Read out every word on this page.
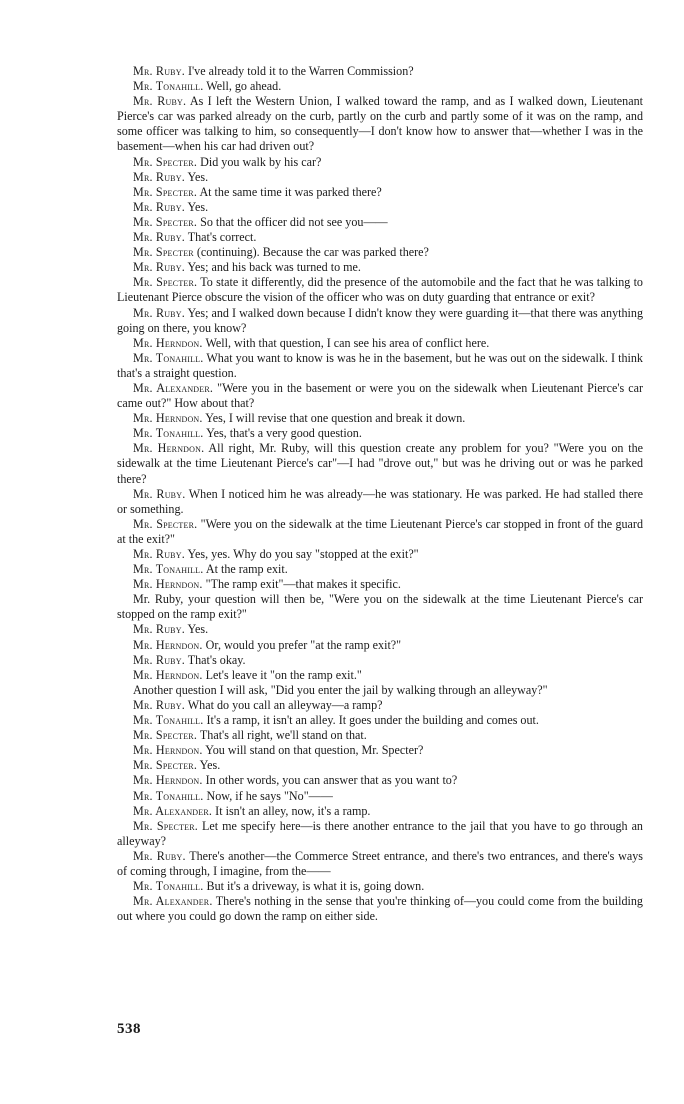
Mr. Ruby. I've already told it to the Warren Commission?

Mr. Tonahill. Well, go ahead.

Mr. Ruby. As I left the Western Union, I walked toward the ramp, and as I walked down, Lieutenant Pierce's car was parked already on the curb, partly on the curb and partly some of it was on the ramp, and some officer was talking to him, so consequently—I don't know how to answer that—whether I was in the basement—when his car had driven out?

Mr. Specter. Did you walk by his car?

Mr. Ruby. Yes.

Mr. Specter. At the same time it was parked there?

Mr. Ruby. Yes.

Mr. Specter. So that the officer did not see you——

Mr. Ruby. That's correct.

Mr. Specter (continuing). Because the car was parked there?

Mr. Ruby. Yes; and his back was turned to me.

Mr. Specter. To state it differently, did the presence of the automobile and the fact that he was talking to Lieutenant Pierce obscure the vision of the officer who was on duty guarding that entrance or exit?

Mr. Ruby. Yes; and I walked down because I didn't know they were guarding it—that there was anything going on there, you know?

Mr. Herndon. Well, with that question, I can see his area of conflict here.

Mr. Tonahill. What you want to know is was he in the basement, but he was out on the sidewalk. I think that's a straight question.

Mr. Alexander. "Were you in the basement or were you on the sidewalk when Lieutenant Pierce's car came out?" How about that?

Mr. Herndon. Yes, I will revise that one question and break it down.

Mr. Tonahill. Yes, that's a very good question.

Mr. Herndon. All right, Mr. Ruby, will this question create any problem for you? "Were you on the sidewalk at the time Lieutenant Pierce's car"—I had "drove out," but was he driving out or was he parked there?

Mr. Ruby. When I noticed him he was already—he was stationary. He was parked. He had stalled there or something.

Mr. Specter. "Were you on the sidewalk at the time Lieutenant Pierce's car stopped in front of the guard at the exit?"

Mr. Ruby. Yes, yes. Why do you say "stopped at the exit?"

Mr. Tonahill. At the ramp exit.

Mr. Herndon. "The ramp exit"—that makes it specific.

Mr. Ruby, your question will then be, "Were you on the sidewalk at the time Lieutenant Pierce's car stopped on the ramp exit?"

Mr. Ruby. Yes.

Mr. Herndon. Or, would you prefer "at the ramp exit?"

Mr. Ruby. That's okay.

Mr. Herndon. Let's leave it "on the ramp exit."

Another question I will ask, "Did you enter the jail by walking through an alleyway?"

Mr. Ruby. What do you call an alleyway—a ramp?

Mr. Tonahill. It's a ramp, it isn't an alley. It goes under the building and comes out.

Mr. Specter. That's all right, we'll stand on that.

Mr. Herndon. You will stand on that question, Mr. Specter?

Mr. Specter. Yes.

Mr. Herndon. In other words, you can answer that as you want to?

Mr. Tonahill. Now, if he says "No"——

Mr. Alexander. It isn't an alley, now, it's a ramp.

Mr. Specter. Let me specify here—is there another entrance to the jail that you have to go through an alleyway?

Mr. Ruby. There's another—the Commerce Street entrance, and there's two entrances, and there's ways of coming through, I imagine, from the——

Mr. Tonahill. But it's a driveway, is what it is, going down.

Mr. Alexander. There's nothing in the sense that you're thinking of—you could come from the building out where you could go down the ramp on either side.

538
